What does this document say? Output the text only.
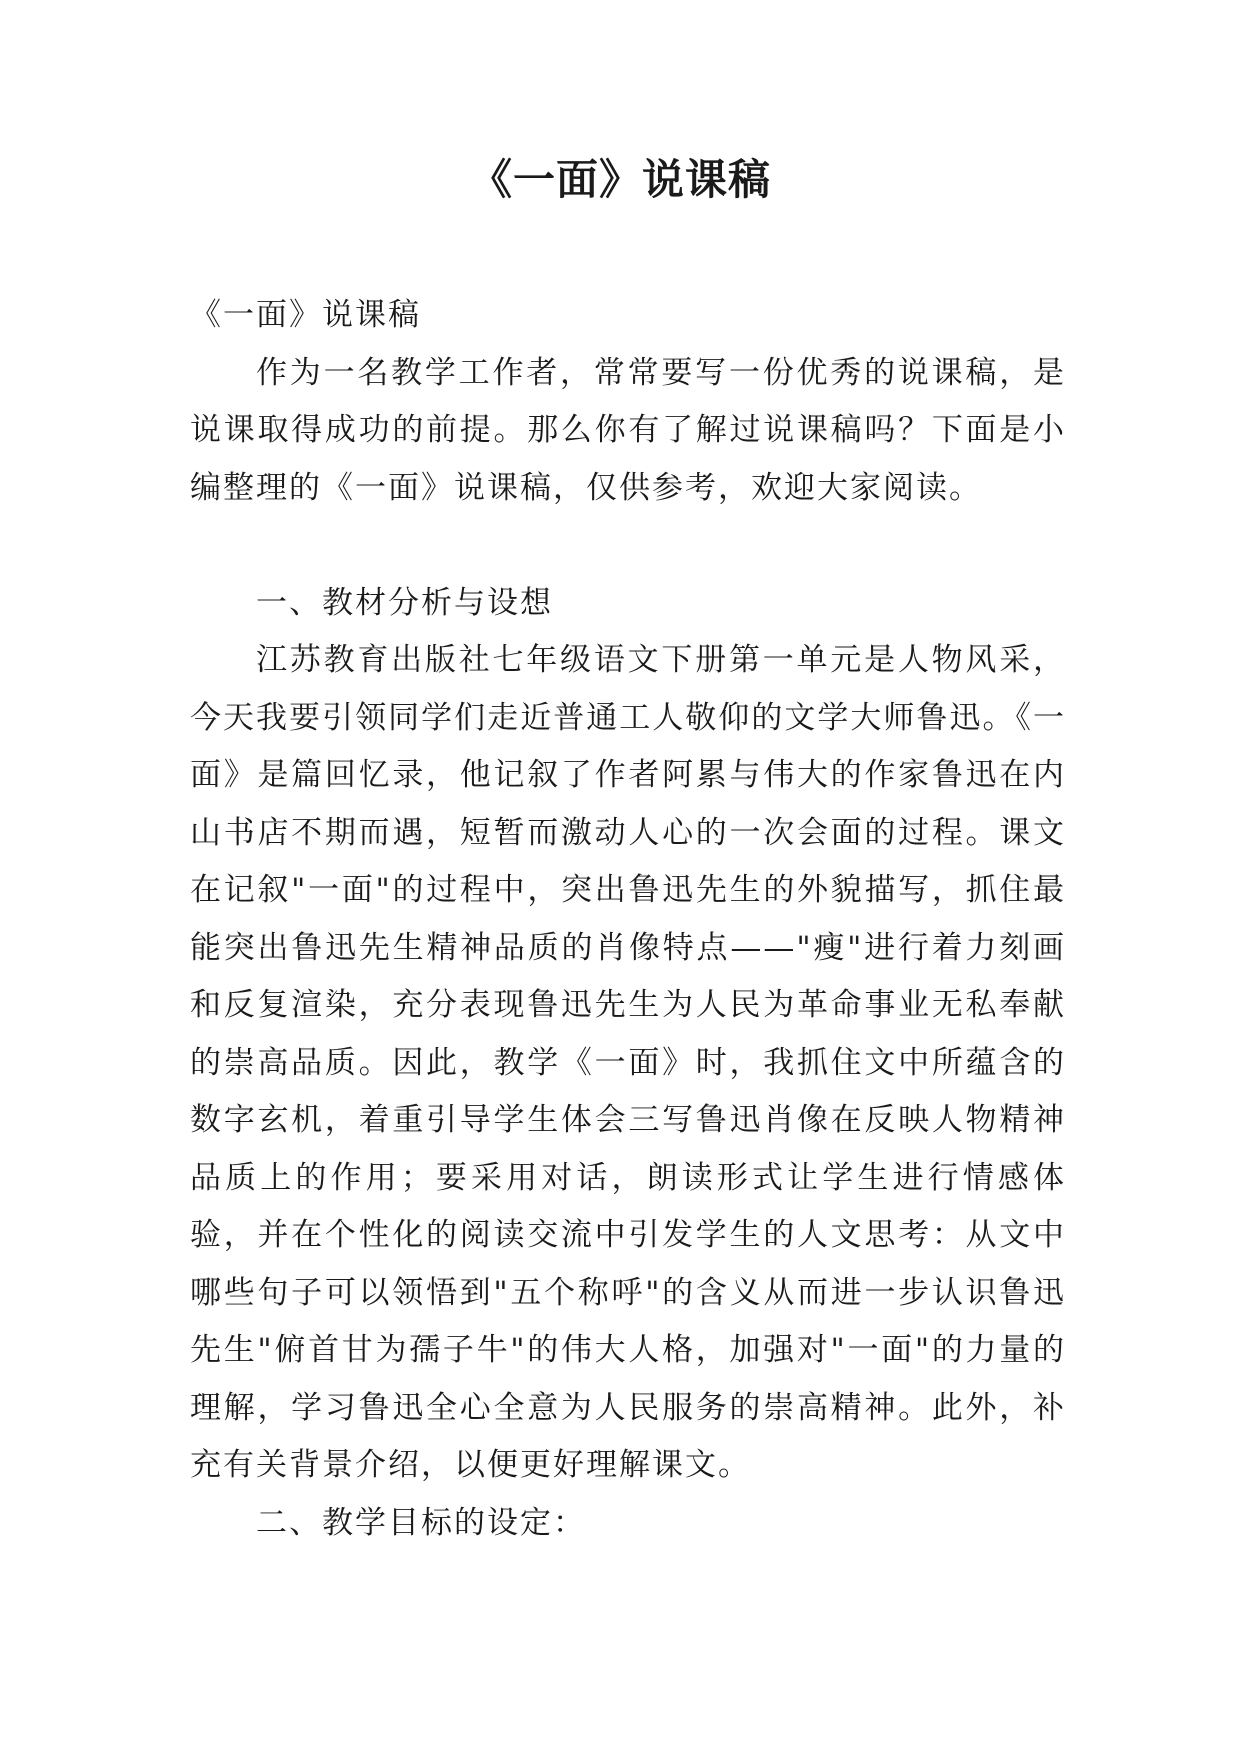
《一面》说课稿

《一面》说课稿

作为一名教学工作者，常常要写一份优秀的说课稿，是说课取得成功的前提。那么你有了解过说课稿吗？下面是小编整理的《一面》说课稿，仅供参考，欢迎大家阅读。

一、教材分析与设想

江苏教育出版社七年级语文下册第一单元是人物风采，今天我要引领同学们走近普通工人敬仰的文学大师鲁迅。《一面》是篇回忆录，他记叙了作者阿累与伟大的作家鲁迅在内山书店不期而遇，短暂而激动人心的一次会面的过程。课文在记叙"一面"的过程中，突出鲁迅先生的外貌描写，抓住最能突出鲁迅先生精神品质的肖像特点——"瘦"进行着力刻画和反复渲染，充分表现鲁迅先生为人民为革命事业无私奉献的崇高品质。因此，教学《一面》时，我抓住文中所蕴含的数字玄机，着重引导学生体会三写鲁迅肖像在反映人物精神品质上的作用；要采用对话，朗读形式让学生进行情感体验，并在个性化的阅读交流中引发学生的人文思考：从文中哪些句子可以领悟到"五个称呼"的含义从而进一步认识鲁迅先生"俯首甘为孺子牛"的伟大人格，加强对"一面"的力量的理解，学习鲁迅全心全意为人民服务的崇高精神。此外，补充有关背景介绍，以便更好理解课文。

二、教学目标的设定：
